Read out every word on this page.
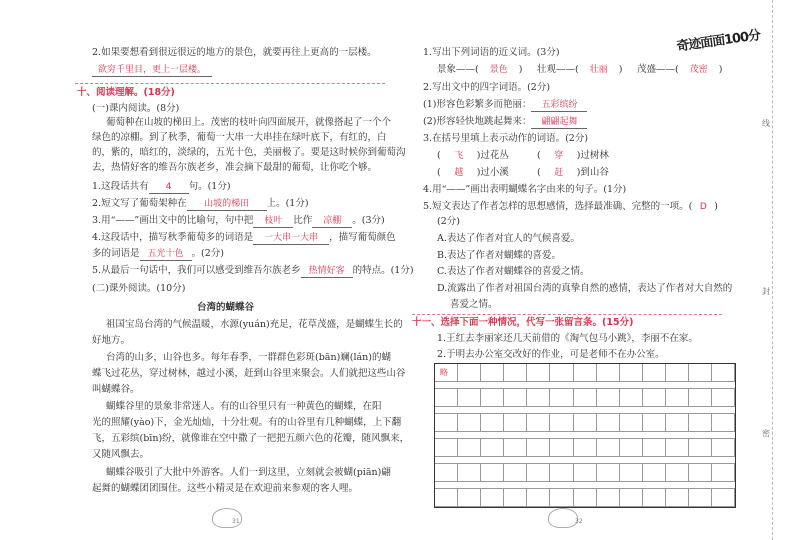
2.如果要想看到很远很远的地方的景色，就要再往上更高的一层楼。
欲穷千里目，更上一层楼。
十、阅读理解。(18分)
(一)课内阅读。(8分)
葡萄种在山坡的梯田上。茂密的枝叶向四面展开，就像搭起了一个个
绿色的凉棚。到了秋季，葡萄一大串一大串挂在绿叶底下，有红的，白
的，紫的，暗红的，淡绿的，五光十色，美丽极了。要是这时候你到葡萄沟
去，热情好客的维吾尔族老乡，准会摘下最甜的葡萄，让你吃个够。
1.这段话共有 4 句。(1分)
2.短文写了葡萄架种在 山坡的梯田 上。(1分)
3.用“——”画出文中的比喻句，句中把 枝叶 比作 凉棚 。(3分)
4.这段话中，描写秋季葡萄多的词语是 一大串一大串 ，描写葡萄颜色
多的词语是 五光十色 。(2分)
5.从最后一句话中，我们可以感受到维吾尔族老乡 热情好客 的特点。(1分)
(二)课外阅读。(10分)
台湾的蝴蝶谷
祖国宝岛台湾的气候温暖，水源(yuán)充足，花草茂盛，是蝴蝶生长的
好地方。
台湾的山多，山谷也多。每年春季，一群群色彩斑(bān)斓(lán)的蝴
蝶飞过花丛，穿过树林，越过小溪，赶到山谷里来聚会。人们就把这些山谷
叫蝴蝶谷。
蝴蝶谷里的景象非常迷人。有的山谷里只有一种黄色的蝴蝶，在阳
光的照耀(yào)下，金光灿灿，十分壮观。有的山谷里有几种蝴蝶，上下翻
飞，五彩缤(bīn)纷，就像谁在空中撒了一把把五颜六色的花瓣，随风飘来，
又随风飘去。
蝴蝶谷吸引了大批中外游客。人们一到这里，立刻就会被蝴(piān)翩
起舞的蝴蝶团团围住。这些小精灵是在欢迎前来参观的客人哩。
31
1.写出下列词语的近义词。(3分)
景象——( 景色 ) 壮观——( 壮丽 ) 茂盛——( 茂密 )
2.写出文中的四字词语。(2分)
(1)形容色彩繁多而艳丽： 五彩缤纷
(2)形容轻快地跳起舞来： 翩翩起舞
3.在括号里填上表示动作的词语。(2分)
( 飞 )过花丛	( 穿 )过树林
( 越 )过小溪	( 赶 )到山谷
4.用“——”画出表明蝴蝶名字由来的句子。(1分)
5.短文表达了作者怎样的思想感情，选择最准确、完整的一项。( D )
(2分)
A.表达了作者对宜人的气候喜爱。
B.表达了作者对蝴蝶的喜爱。
C.表达了作者对蝴蝶谷的喜爱之情。
D.流露出了作者对祖国台湾的真挚自然的感情，表达了作者对大自然的
喜爱之情。
十一、选择下面一种情况，代写一张留言条。(15分)
1.王红去李丽家还几天前借的《淘气包马小跳》，李丽不在家。
2.于明去办公室交改好的作业，可是老师不在办公室。
略
32
奇迹面面100分
线
封
密
